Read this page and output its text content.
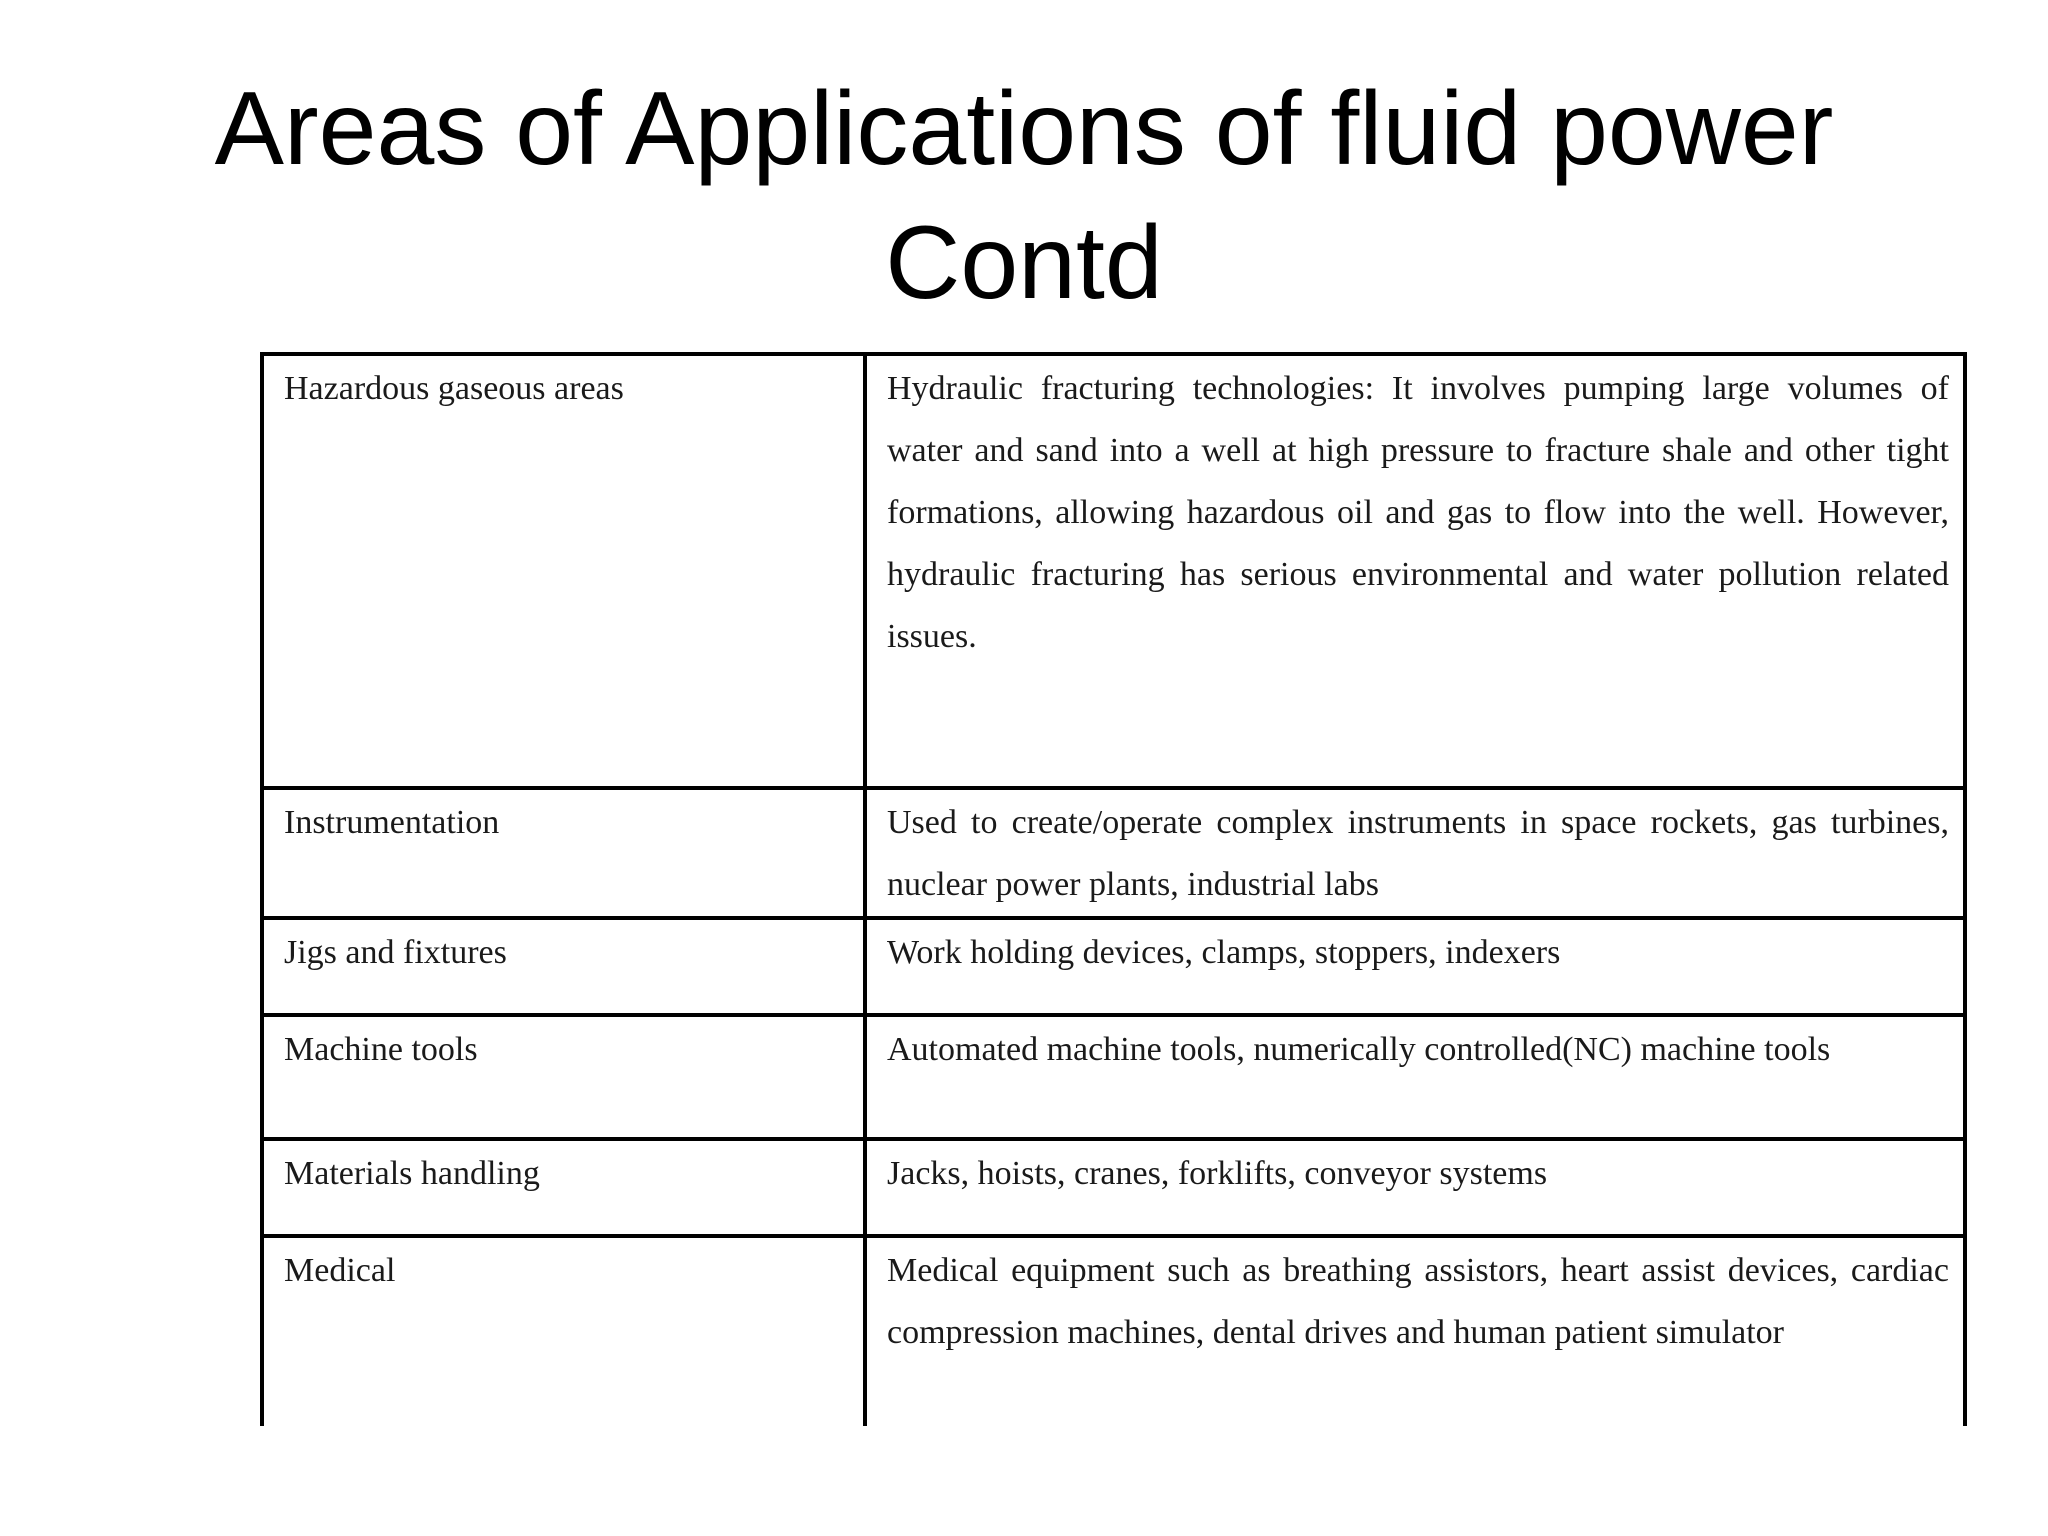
Areas of Applications of fluid power
Contd
Hazardous gaseous areas	Hydraulic fracturing technologies: It involves pumping large volumes of water and sand into a well at high pressure to fracture shale and other tight formations, allowing hazardous oil and gas to flow into the well. However, hydraulic fracturing has serious environmental and water pollution related issues.
Instrumentation	Used to create/operate complex instruments in space rockets, gas turbines, nuclear power plants, industrial labs
Jigs and fixtures	Work holding devices, clamps, stoppers, indexers
Machine tools	Automated machine tools, numerically controlled(NC) machine tools
Materials handling	Jacks, hoists, cranes, forklifts, conveyor systems
Medical	Medical equipment such as breathing assistors, heart assist devices, cardiac compression machines, dental drives and human patient simulator
